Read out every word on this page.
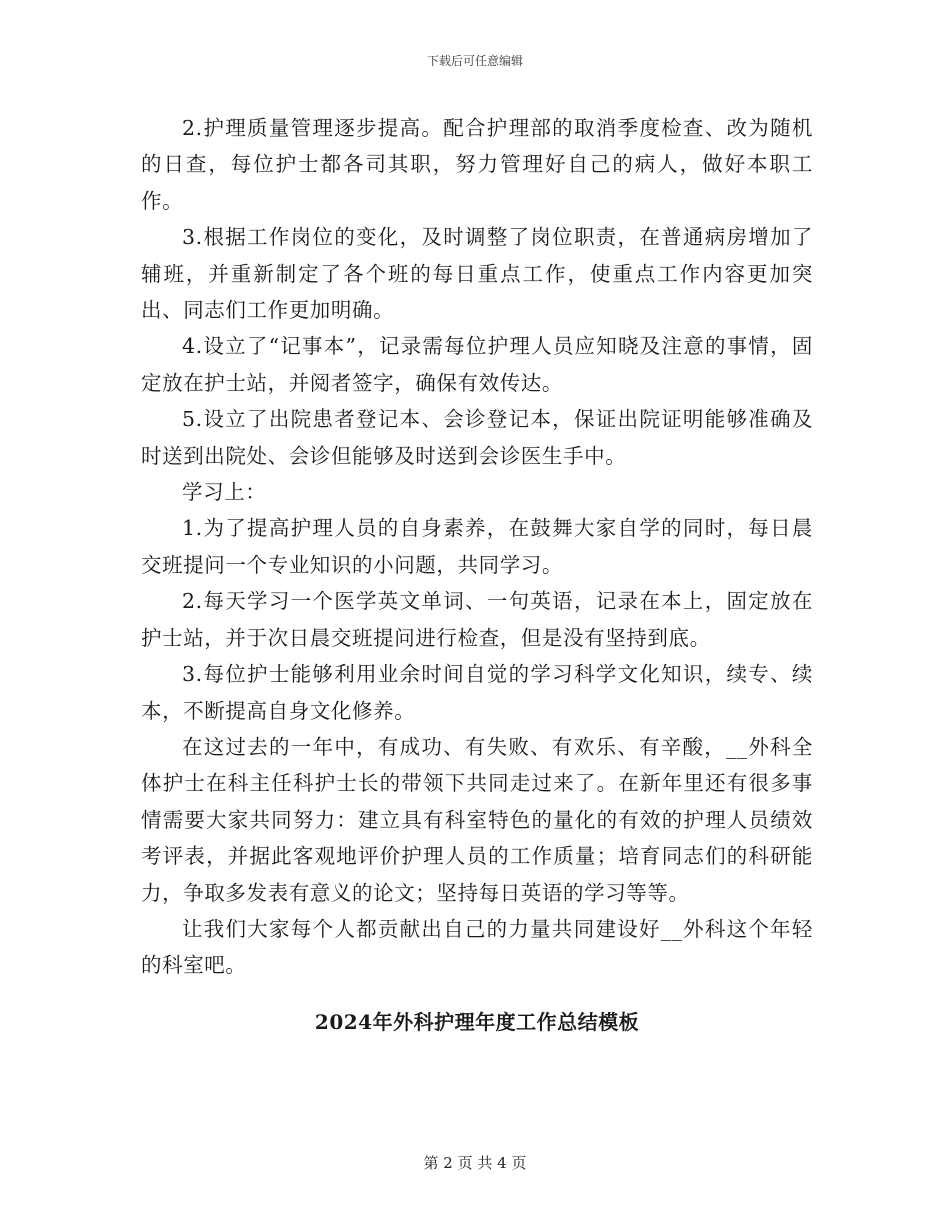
下载后可任意编辑

2.护理质量管理逐步提高。配合护理部的取消季度检查、改为随机的日查，每位护士都各司其职，努力管理好自己的病人，做好本职工作。

3.根据工作岗位的变化，及时调整了岗位职责，在普通病房增加了辅班，并重新制定了各个班的每日重点工作，使重点工作内容更加突出、同志们工作更加明确。

4.设立了“记事本”，记录需每位护理人员应知晓及注意的事情，固定放在护士站，并阅者签字，确保有效传达。

5.设立了出院患者登记本、会诊登记本，保证出院证明能够准确及时送到出院处、会诊但能够及时送到会诊医生手中。

学习上：

1.为了提高护理人员的自身素养，在鼓舞大家自学的同时，每日晨交班提问一个专业知识的小问题，共同学习。

2.每天学习一个医学英文单词、一句英语，记录在本上，固定放在护士站，并于次日晨交班提问进行检查，但是没有坚持到底。

3.每位护士能够利用业余时间自觉的学习科学文化知识，续专、续本，不断提高自身文化修养。

在这过去的一年中，有成功、有失败、有欢乐、有辛酸，__外科全体护士在科主任科护士长的带领下共同走过来了。在新年里还有很多事情需要大家共同努力：建立具有科室特色的量化的有效的护理人员绩效考评表，并据此客观地评价护理人员的工作质量；培育同志们的科研能力，争取多发表有意义的论文；坚持每日英语的学习等等。

让我们大家每个人都贡献出自己的力量共同建设好__外科这个年轻的科室吧。

2024年外科护理年度工作总结模板
第 2 页 共 4 页
